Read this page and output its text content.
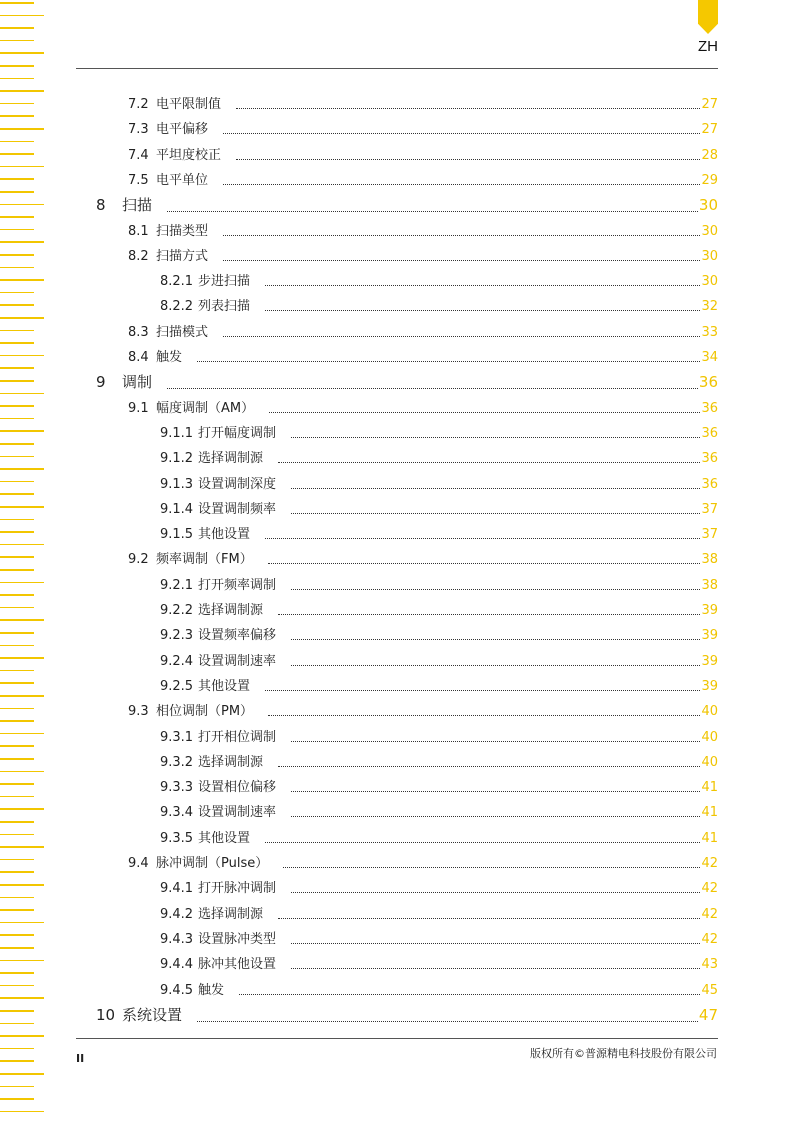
ZH
7.2 电平限制值	27
7.3 电平偏移	27
7.4 平坦度校正	28
7.5 电平单位	29
8	扫描	30
8.1 扫描类型	30
8.2 扫描方式	30
8.2.1 步进扫描	30
8.2.2 列表扫描	32
8.3 扫描模式	33
8.4 触发	34
9	调制	36
9.1 幅度调制（AM）	36
9.1.1 打开幅度调制	36
9.1.2 选择调制源	36
9.1.3 设置调制深度	36
9.1.4 设置调制频率	37
9.1.5 其他设置	37
9.2 频率调制（FM）	38
9.2.1 打开频率调制	38
9.2.2 选择调制源	39
9.2.3 设置频率偏移	39
9.2.4 设置调制速率	39
9.2.5 其他设置	39
9.3 相位调制（PM）	40
9.3.1 打开相位调制	40
9.3.2 选择调制源	40
9.3.3 设置相位偏移	41
9.3.4 设置调制速率	41
9.3.5 其他设置	41
9.4 脉冲调制（Pulse）	42
9.4.1 打开脉冲调制	42
9.4.2 选择调制源	42
9.4.3 设置脉冲类型	42
9.4.4 脉冲其他设置	43
9.4.5 触发	45
10 系统设置	47
II	版权所有©普源精电科技股份有限公司
